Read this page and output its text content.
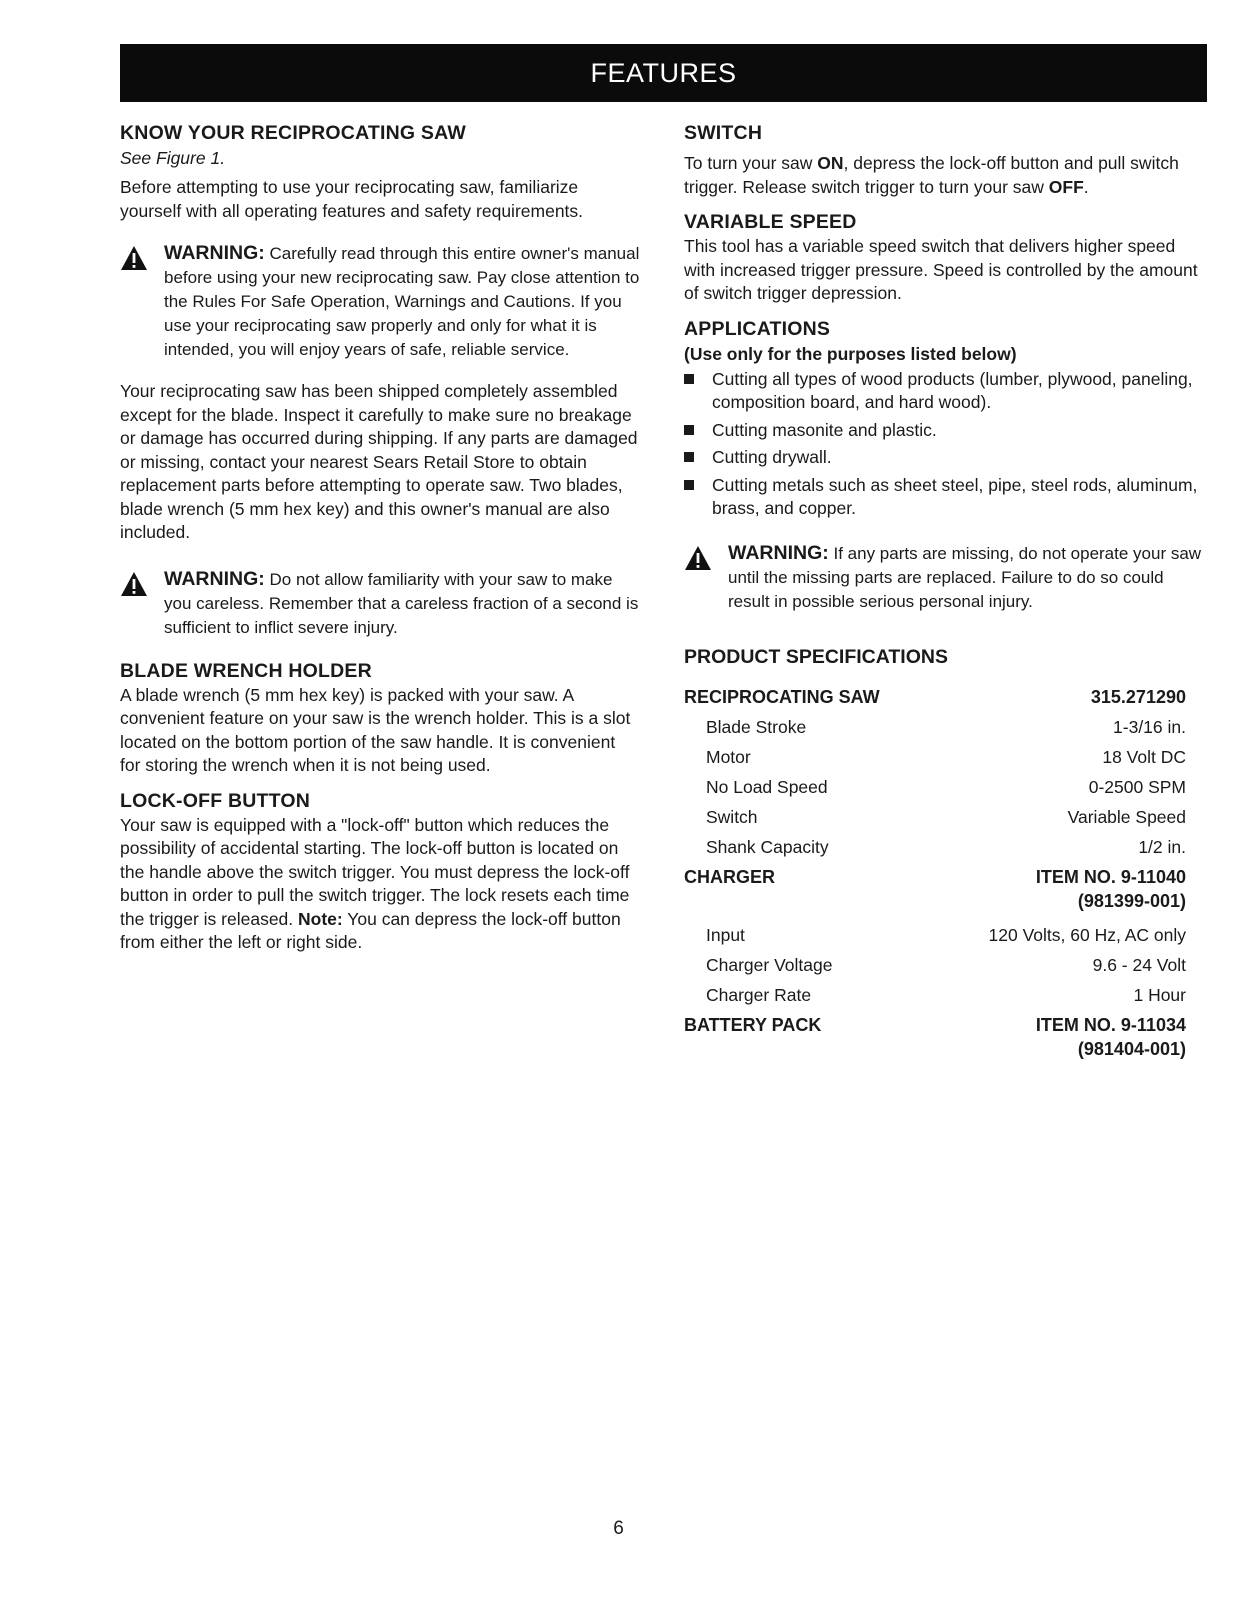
FEATURES
KNOW YOUR RECIPROCATING SAW
See Figure 1.

Before attempting to use your reciprocating saw, familiarize yourself with all operating features and safety requirements.

WARNING: Carefully read through this entire owner's manual before using your new reciprocating saw. Pay close attention to the Rules For Safe Operation, Warnings and Cautions. If you use your reciprocating saw properly and only for what it is intended, you will enjoy years of safe, reliable service.

Your reciprocating saw has been shipped completely assembled except for the blade. Inspect it carefully to make sure no breakage or damage has occurred during shipping. If any parts are damaged or missing, contact your nearest Sears Retail Store to obtain replacement parts before attempting to operate saw. Two blades, blade wrench (5 mm hex key) and this owner's manual are also included.

WARNING: Do not allow familiarity with your saw to make you careless. Remember that a careless fraction of a second is sufficient to inflict severe injury.
BLADE WRENCH HOLDER

A blade wrench (5 mm hex key) is packed with your saw. A convenient feature on your saw is the wrench holder. This is a slot located on the bottom portion of the saw handle. It is convenient for storing the wrench when it is not being used.

LOCK-OFF BUTTON

Your saw is equipped with a "lock-off" button which reduces the possibility of accidental starting. The lock-off button is located on the handle above the switch trigger. You must depress the lock-off button in order to pull the switch trigger. The lock resets each time the trigger is released. Note: You can depress the lock-off button from either the left or right side.

SWITCH

To turn your saw ON, depress the lock-off button and pull switch trigger. Release switch trigger to turn your saw OFF.

VARIABLE SPEED

This tool has a variable speed switch that delivers higher speed with increased trigger pressure. Speed is controlled by the amount of switch trigger depression.

APPLICATIONS
(Use only for the purposes listed below)
Cutting all types of wood products (lumber, plywood, paneling, composition board, and hard wood).
Cutting masonite and plastic.
Cutting drywall.
Cutting metals such as sheet steel, pipe, steel rods, aluminum, brass, and copper.
WARNING: If any parts are missing, do not operate your saw until the missing parts are replaced. Failure to do so could result in possible serious personal injury.
PRODUCT SPECIFICATIONS
RECIPROCATING SAW	315.271290
Blade Stroke	1-3/16 in.
Motor	18 Volt DC
No Load Speed	0-2500 SPM
Switch	Variable Speed
Shank Capacity	1/2 in.
CHARGER	ITEM NO. 9-11040
(981399-001)
Input	120 Volts, 60 Hz, AC only
Charger Voltage	9.6 - 24 Volt
Charger Rate	1 Hour
BATTERY PACK	ITEM NO. 9-11034
(981404-001)
6
